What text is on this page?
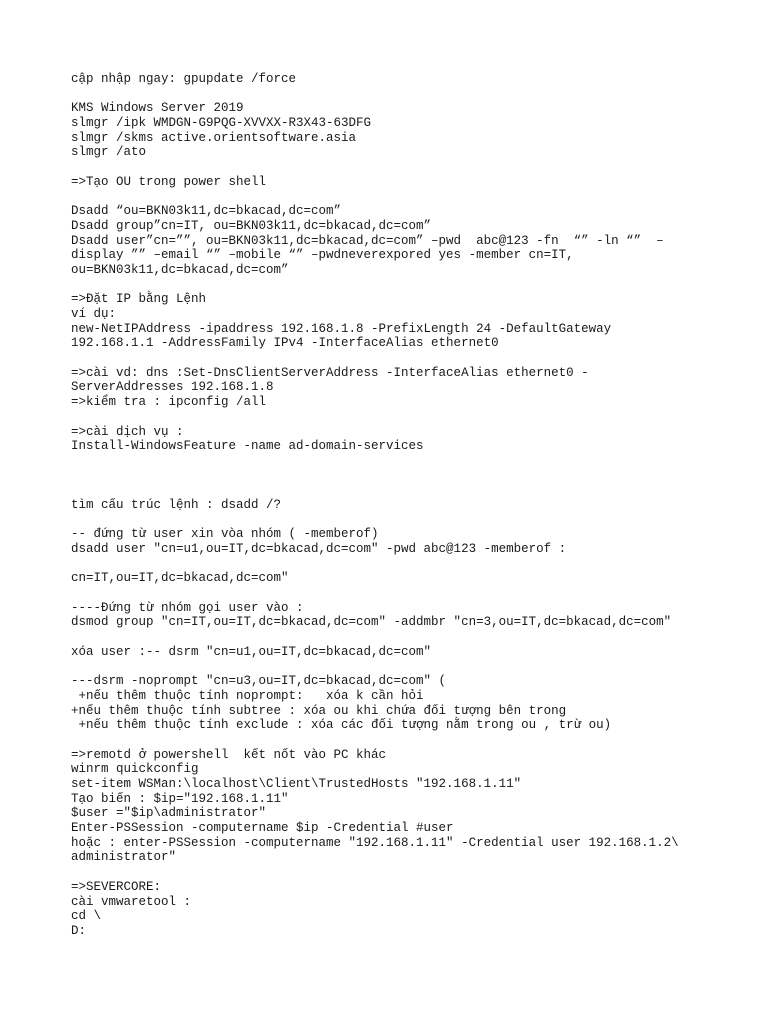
cập nhập ngay: gpupdate /force
KMS Windows Server 2019
slmgr /ipk WMDGN-G9PQG-XVVXX-R3X43-63DFG
slmgr /skms active.orientsoftware.asia
slmgr /ato
=>Tạo OU trong power shell
Dsadd “ou=BKN03k11,dc=bkacad,dc=com”
Dsadd group”cn=IT, ou=BKN03k11,dc=bkacad,dc=com”
Dsadd user”cn=””, ou=BKN03k11,dc=bkacad,dc=com” –pwd  abc@123 -fn  “” -ln “”  –
display ”” –email “” –mobile “” –pwdneverexpored yes -member cn=IT,
ou=BKN03k11,dc=bkacad,dc=com”
=>Đặt IP bằng Lệnh
ví dụ:
new-NetIPAddress -ipaddress 192.168.1.8 -PrefixLength 24 -DefaultGateway
192.168.1.1 -AddressFamily IPv4 -InterfaceAlias ethernet0
=>cài vd: dns :Set-DnsClientServerAddress -InterfaceAlias ethernet0 -
ServerAddresses 192.168.1.8
=>kiểm tra : ipconfig /all
=>cài dịch vụ :
Install-WindowsFeature -name ad-domain-services
tìm cấu trúc lệnh : dsadd /?
-- đứng từ user xin vòa nhóm ( -memberof)
dsadd user "cn=u1,ou=IT,dc=bkacad,dc=com" -pwd abc@123 -memberof :
cn=IT,ou=IT,dc=bkacad,dc=com"
----Đứng từ nhóm gọi user vào :
dsmod group "cn=IT,ou=IT,dc=bkacad,dc=com" -addmbr "cn=3,ou=IT,dc=bkacad,dc=com"
xóa user :-- dsrm "cn=u1,ou=IT,dc=bkacad,dc=com"
---dsrm -noprompt "cn=u3,ou=IT,dc=bkacad,dc=com" (
+nếu thêm thuộc tính noprompt:   xóa k cần hỏi
+nếu thêm thuộc tính subtree : xóa ou khi chứa đối tượng bên trong
+nếu thêm thuộc tính exclude : xóa các đối tượng nằm trong ou , trừ ou)
=>remotd ở powershell  kết nốt vào PC khác
winrm quickconfig
set-item WSMan:\localhost\Client\TrustedHosts "192.168.1.11"
Tạo biến : $ip="192.168.1.11"
$user ="$ip\administrator"
Enter-PSSession -computername $ip -Credential #user
hoặc : enter-PSSession -computername "192.168.1.11" -Credential user 192.168.1.2\
administrator"
=>SEVERCORE:
cài vmwaretool :
cd \
D:
